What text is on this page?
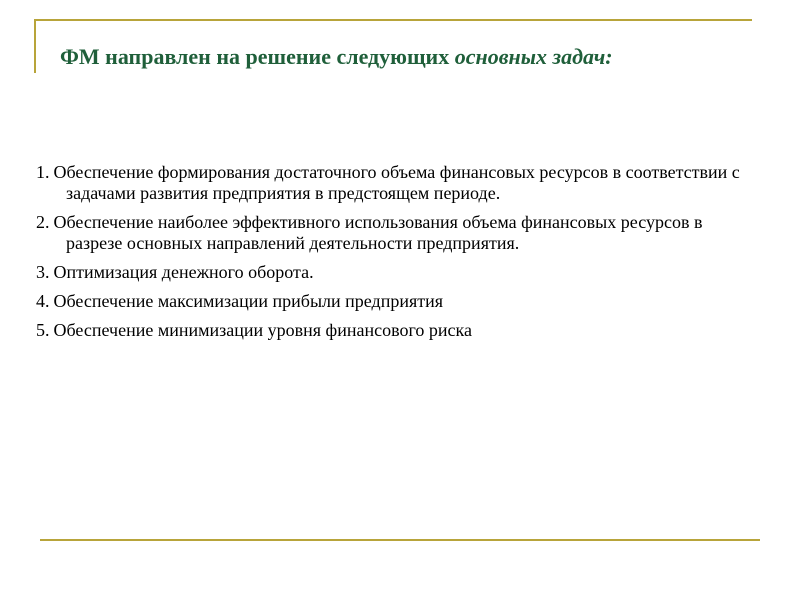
ФМ направлен на решение следующих основных задач:
1. Обеспечение формирования достаточного объема финансовых ресурсов в соответствии с задачами развития предприятия в предстоящем периоде.
2. Обеспечение наиболее эффективного использования объема финансовых ресурсов в разрезе основных направлений деятельности предприятия.
3. Оптимизация денежного оборота.
4. Обеспечение максимизации прибыли предприятия
5. Обеспечение минимизации уровня финансового риска
